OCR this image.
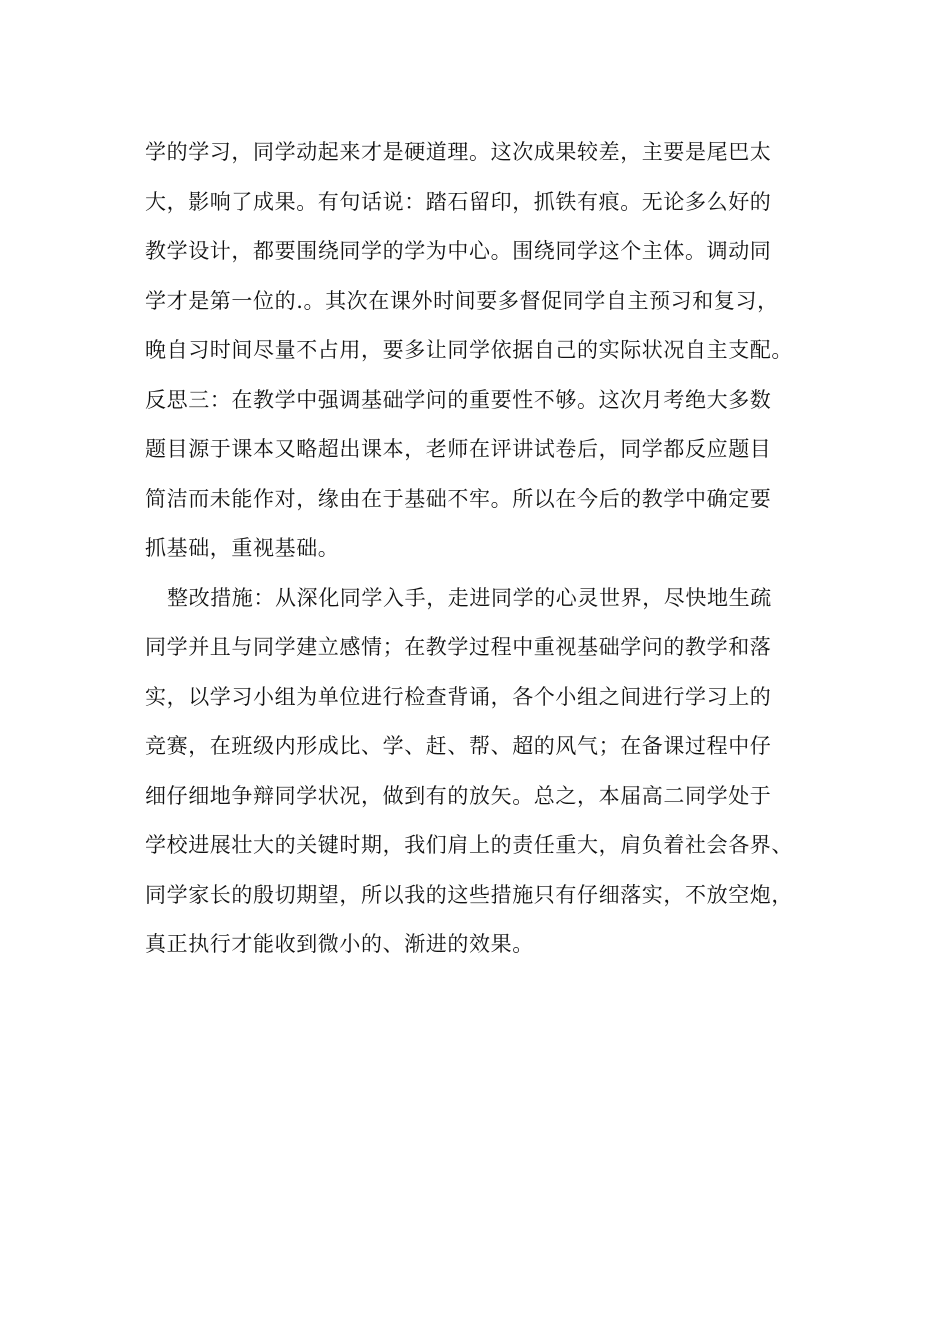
学的学习，同学动起来才是硬道理。这次成果较差，主要是尾巴太
大，影响了成果。有句话说：踏石留印，抓铁有痕。无论多么好的
教学设计，都要围绕同学的学为中心。围绕同学这个主体。调动同
学才是第一位的.。其次在课外时间要多督促同学自主预习和复习，
晚自习时间尽量不占用，要多让同学依据自己的实际状况自主支配。
反思三：在教学中强调基础学问的重要性不够。这次月考绝大多数
题目源于课本又略超出课本，老师在评讲试卷后，同学都反应题目
简洁而未能作对，缘由在于基础不牢。所以在今后的教学中确定要
抓基础，重视基础。
整改措施：从深化同学入手，走进同学的心灵世界，尽快地生疏
同学并且与同学建立感情；在教学过程中重视基础学问的教学和落
实，以学习小组为单位进行检查背诵，各个小组之间进行学习上的
竞赛，在班级内形成比、学、赶、帮、超的风气；在备课过程中仔
细仔细地争辩同学状况，做到有的放矢。总之，本届高二同学处于
学校进展壮大的关键时期，我们肩上的责任重大，肩负着社会各界、
同学家长的殷切期望，所以我的这些措施只有仔细落实，不放空炮，
真正执行才能收到微小的、渐进的效果。
